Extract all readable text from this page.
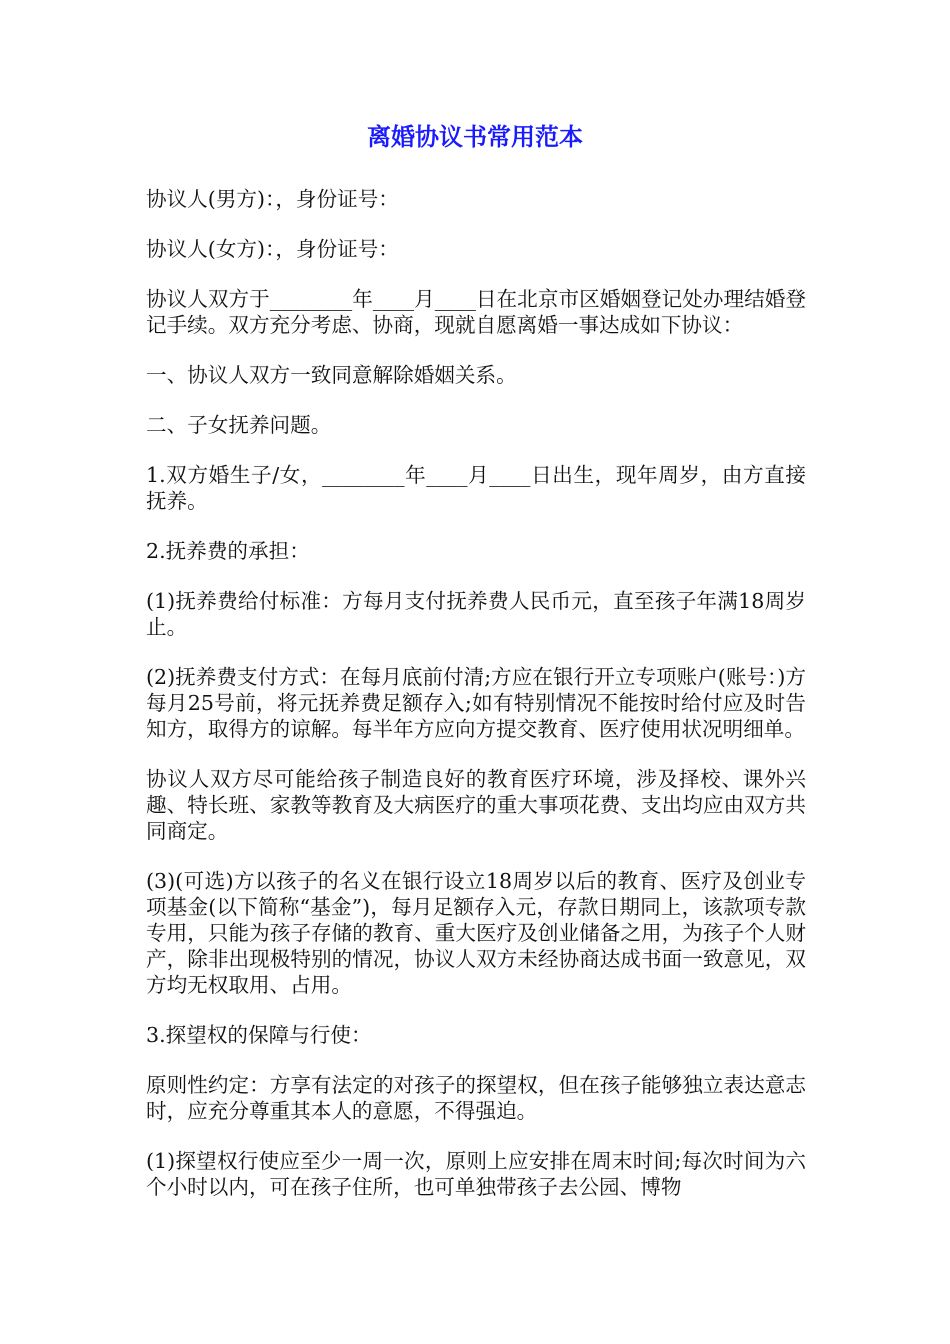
离婚协议书常用范本

协议人(男方)：，身份证号：

协议人(女方)：，身份证号：

协议人双方于________年____月____日在北京市区婚姻登记处办理结婚登记手续。双方充分考虑、协商，现就自愿离婚一事达成如下协议：

一、协议人双方一致同意解除婚姻关系。

二、子女抚养问题。

1.双方婚生子/女，________年____月____日出生，现年周岁，由方直接抚养。

2.抚养费的承担：

(1)抚养费给付标准：方每月支付抚养费人民币元，直至孩子年满18周岁止。

(2)抚养费支付方式：在每月底前付清;方应在银行开立专项账户(账号：)方每月25号前，将元抚养费足额存入;如有特别情况不能按时给付应及时告知方，取得方的谅解。每半年方应向方提交教育、医疗使用状况明细单。

协议人双方尽可能给孩子制造良好的教育医疗环境，涉及择校、课外兴趣、特长班、家教等教育及大病医疗的重大事项花费、支出均应由双方共同商定。

(3)(可选)方以孩子的名义在银行设立18周岁以后的教育、医疗及创业专项基金(以下简称“基金”)，每月足额存入元，存款日期同上，该款项专款专用，只能为孩子存储的教育、重大医疗及创业储备之用，为孩子个人财产，除非出现极特别的情况，协议人双方未经协商达成书面一致意见，双方均无权取用、占用。

3.探望权的保障与行使：

原则性约定：方享有法定的对孩子的探望权，但在孩子能够独立表达意志时，应充分尊重其本人的意愿，不得强迫。

(1)探望权行使应至少一周一次，原则上应安排在周末时间;每次时间为六个小时以内，可在孩子住所，也可单独带孩子去公园、博物
